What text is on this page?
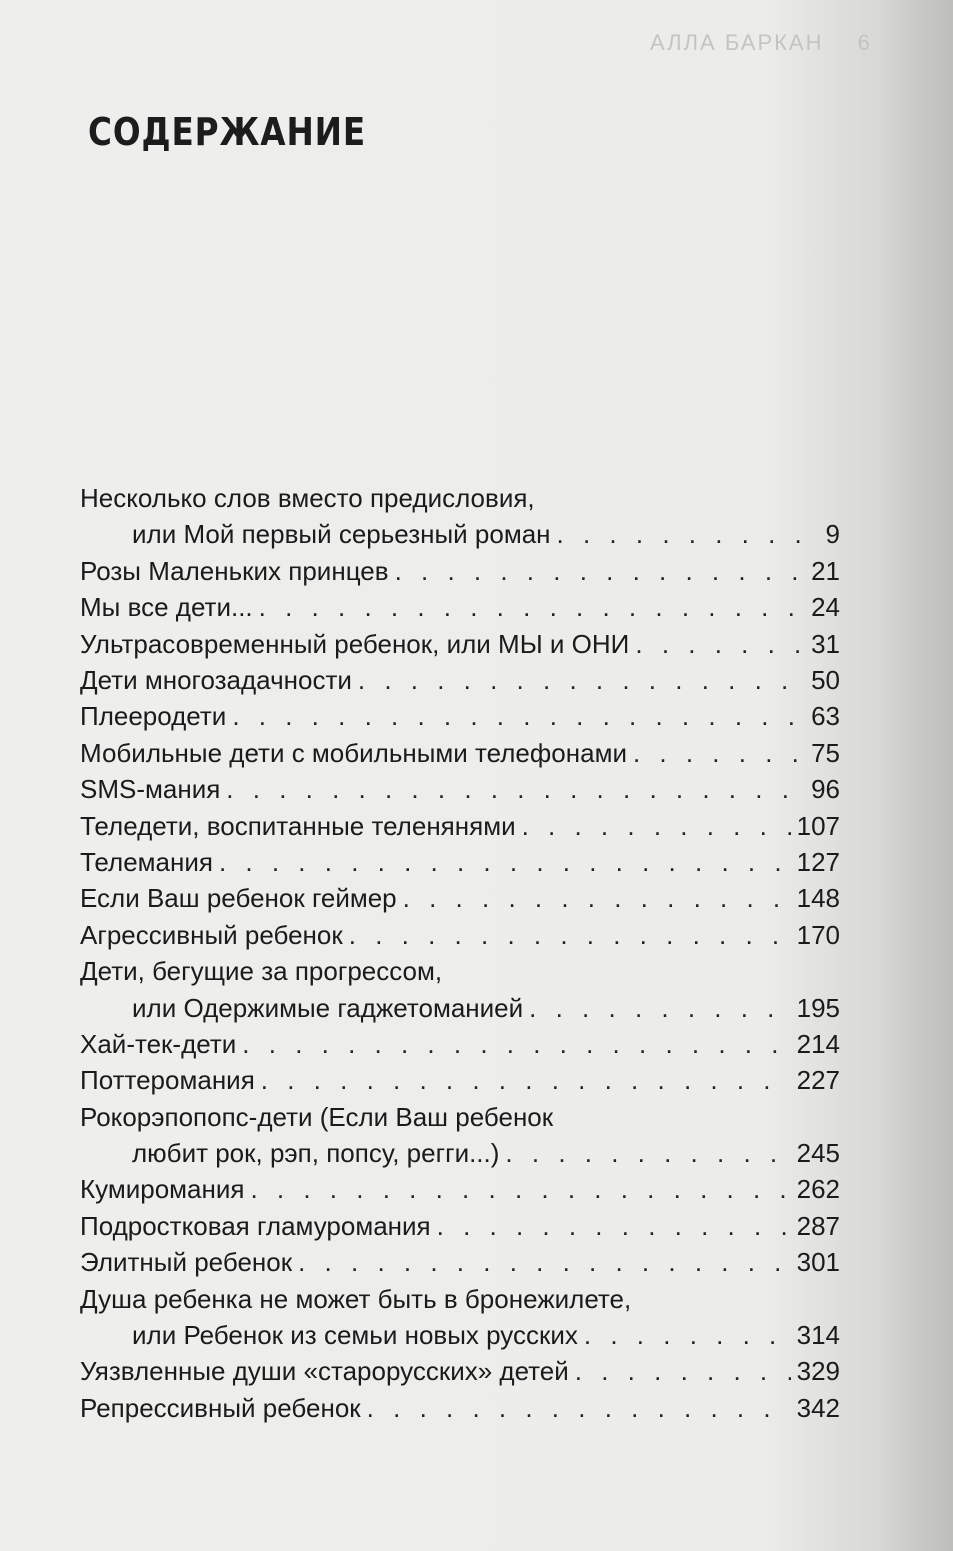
АЛЛА БАРКАН 6
СОДЕРЖАНИЕ
Несколько слов вместо предисловия,
или Мой первый серьезный роман . . .	9
Розы Маленьких принцев . . .	21
Мы все дети... . . .	24
Ультрасовременный ребенок, или МЫ и ОНИ . . .	31
Дети многозадачности . . .	50
Плееродети . . .	63
Мобильные дети с мобильными телефонами . . .	75
SMS-мания . . .	96
Теледети, воспитанные теленянями . . .	107
Телемания . . .	127
Если Ваш ребенок геймер . . .	148
Агрессивный ребенок . . .	170
Дети, бегущие за прогрессом,
или Одержимые гаджетоманией . . .	195
Хай-тек-дети . . .	214
Поттеромания . . .	227
Рокорэпопопс-дети (Если Ваш ребенок
любит рок, рэп, попсу, регги...) . . .	245
Кумиромания . . .	262
Подростковая гламуромания . . .	287
Элитный ребенок . . .	301
Душа ребенка не может быть в бронежилете,
или Ребенок из семьи новых русских . . .	314
Уязвленные души «старорусских» детей . . .	329
Репрессивный ребенок . . .	342
